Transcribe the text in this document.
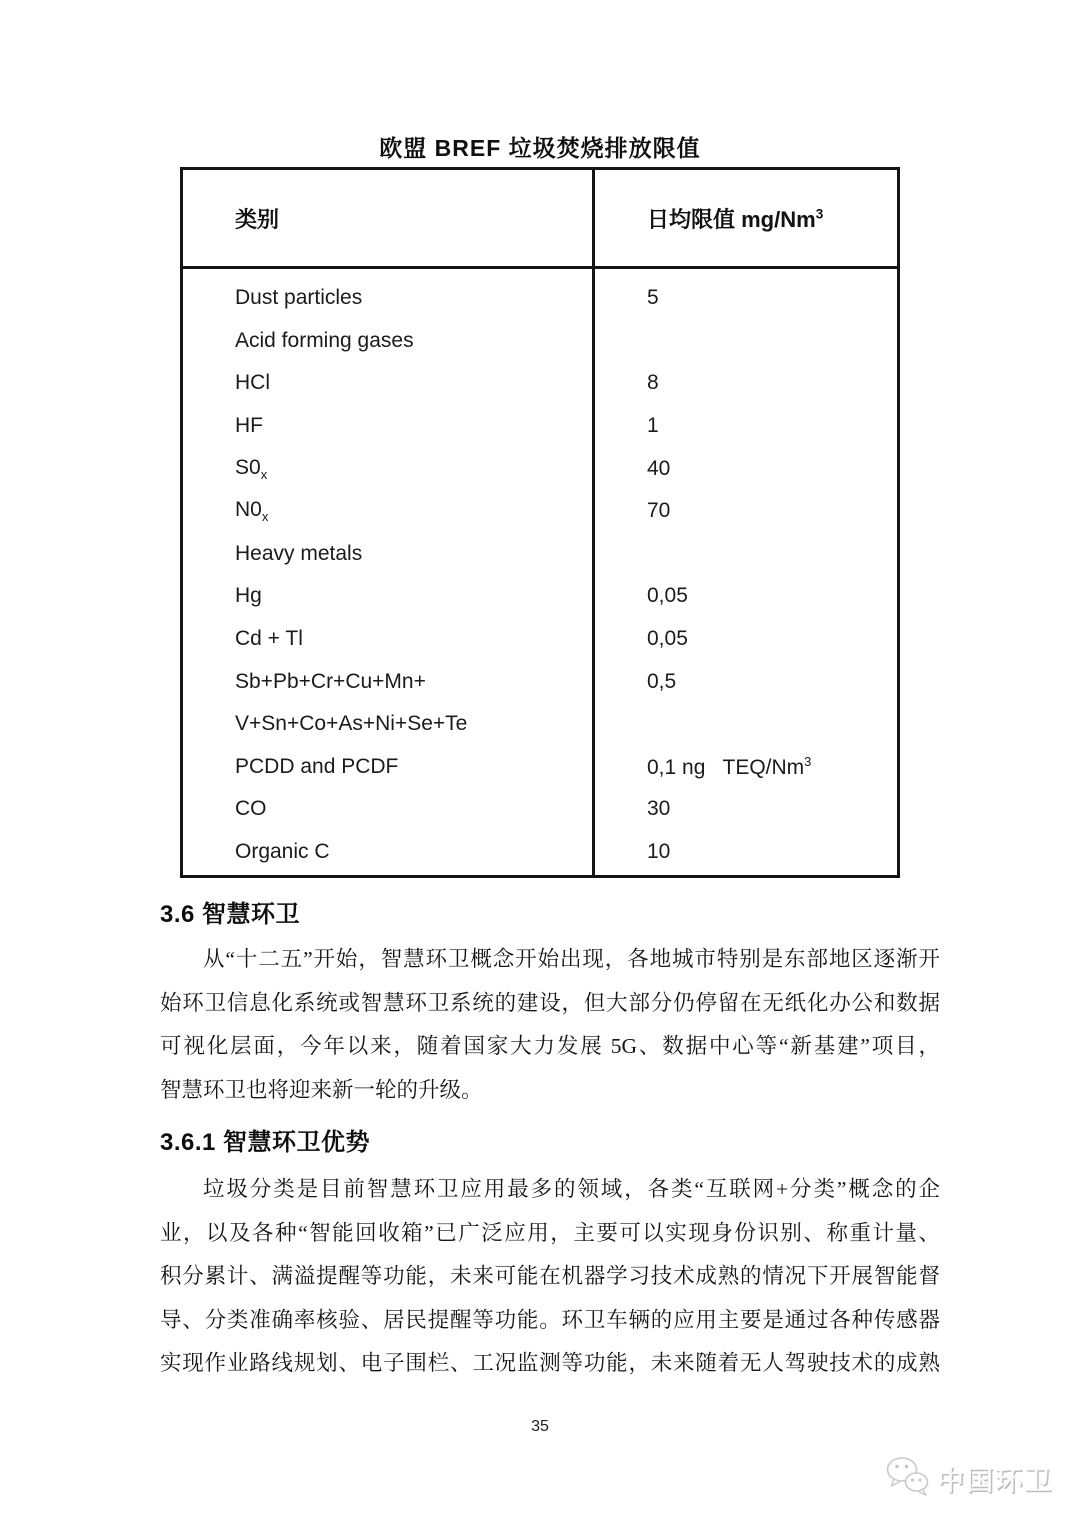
欧盟 BREF 垃圾焚烧排放限值
类别	日均限值 mg/Nm$^3$
Dust particles	5
Acid forming gases
HCl	8
HF	1
$S0_x$	40
$N0_x$	70
Heavy metals
Hg	0,05
Cd + Tl	0,05
Sb+Pb+Cr+Cu+Mn+	0,5
V+Sn+Co+As+Ni+Se+Te
PCDD and PCDF	0,1 ng   TEQ/Nm$^3$
CO	30
Organic C	10
3.6 智慧环卫
从“十二五”开始，智慧环卫概念开始出现，各地城市特别是东部地区逐渐开
始环卫信息化系统或智慧环卫系统的建设，但大部分仍停留在无纸化办公和数据
可视化层面，今年以来，随着国家大力发展 5G、数据中心等“新基建”项目，
智慧环卫也将迎来新一轮的升级。
3.6.1 智慧环卫优势
垃圾分类是目前智慧环卫应用最多的领域，各类“互联网+分类”概念的企
业，以及各种“智能回收箱”已广泛应用，主要可以实现身份识别、称重计量、
积分累计、满溢提醒等功能，未来可能在机器学习技术成熟的情况下开展智能督
导、分类准确率核验、居民提醒等功能。环卫车辆的应用主要是通过各种传感器
实现作业路线规划、电子围栏、工况监测等功能，未来随着无人驾驶技术的成熟
35
中国环卫
